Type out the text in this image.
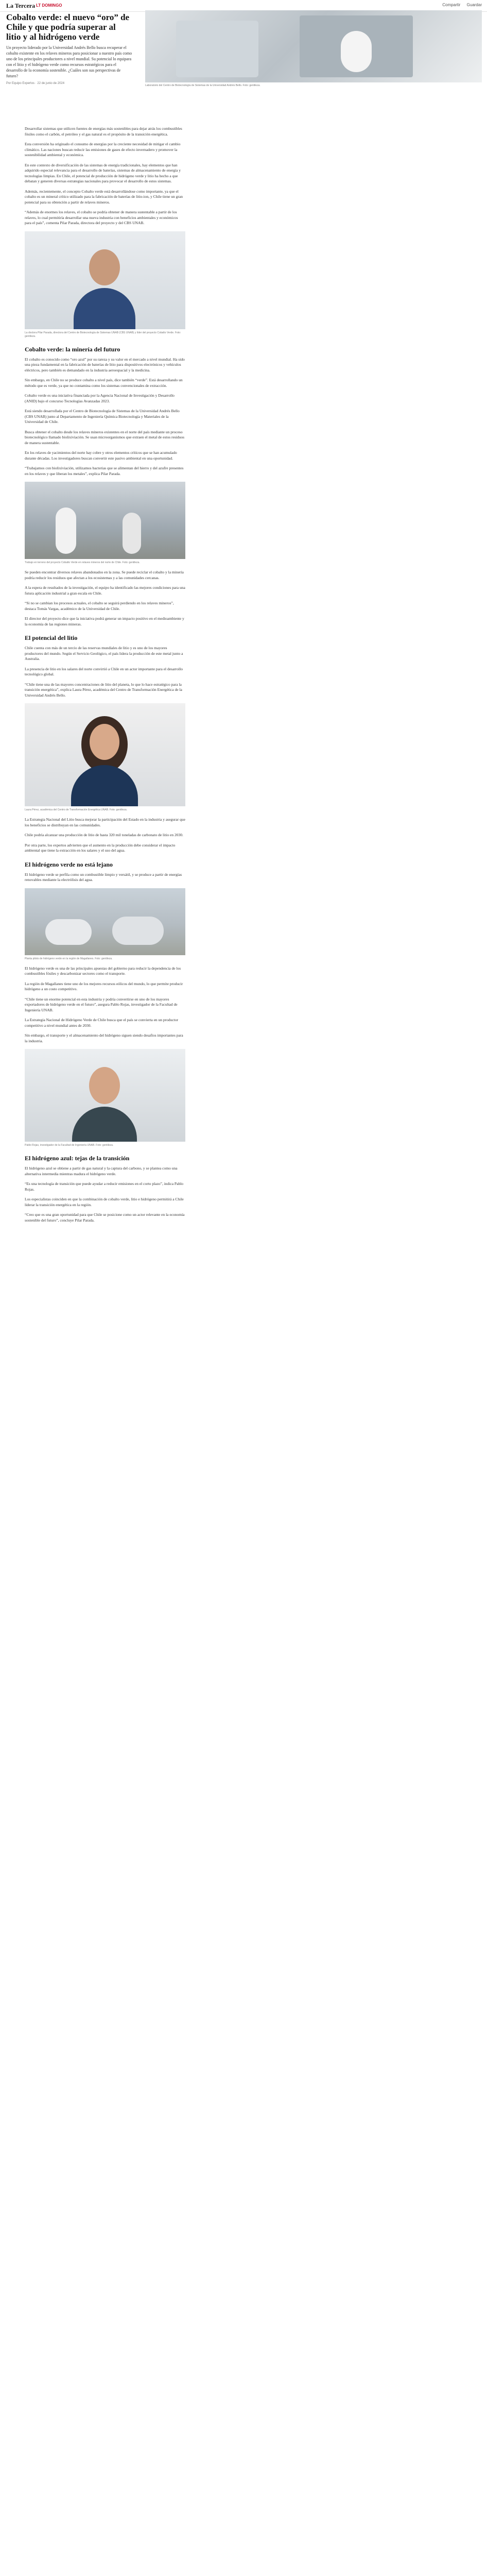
La Tercera LT DOMINGO	Compartir Guardar
Cobalto verde: el nuevo “oro” de Chile y que podría superar al litio y al hidrógeno verde
Un proyecto liderado por la Universidad Andrés Bello busca recuperar el cobalto existente en los relaves mineros para posicionar a nuestro país como uno de los principales productores a nivel mundial. Su potencial lo equipara con el litio y el hidrógeno verde como recursos estratégicos para el desarrollo de la economía sostenible. ¿Cuáles son sus perspectivas de futuro?
Por Equipo Expertos · 22 de junio de 2024
Laboratorio del Centro de Biotecnología de Sistemas de la Universidad Andrés Bello. Foto: gentileza.

Desarrollar sistemas que utilicen fuentes de energías más sostenibles para dejar atrás los combustibles fósiles como el carbón, el petróleo y el gas natural es el propósito de la transición energética.

Esta conversión ha originado el consumo de energías por la creciente necesidad de mitigar el cambio climático. Las naciones buscan reducir las emisiones de gases de efecto invernadero y promover la sostenibilidad ambiental y económica.

En este contexto de diversificación de las sistemas de energía tradicionales, hay elementos que han adquirido especial relevancia para el desarrollo de baterías, sistemas de almacenamiento de energía y tecnologías limpias. En Chile, el potencial de producción de hidrógeno verde y litio ha hecho a que debatan y generen diversas estrategias nacionales para provocar el desarrollo de estos sistemas.

Además, recientemente, el concepto Cobalto verde está desarrollándose como importante, ya que el cobalto es un mineral crítico utilizado para la fabricación de baterías de litio-ion, y Chile tiene un gran potencial para su obtención a partir de relaves mineros.

“Además de enormes los relaves, el cobalto se podría obtener de manera sustentable a partir de los relaves, lo cual permitiría desarrollar una nueva industria con beneficios ambientales y económicos para el país”, comenta Pilar Parada, directora del proyecto y del CBS UNAB.

La doctora Pilar Parada, directora del Centro de Biotecnología de Sistemas UNAB (CBS UNAB) y líder del proyecto Cobalto Verde. Foto: gentileza.
Cobalto verde: la minería del futuro

El cobalto es conocido como “oro azul” por su rareza y su valor en el mercado a nivel mundial. Ha sido una pieza fundamental en la fabricación de baterías de litio para dispositivos electrónicos y vehículos eléctricos, pero también es demandado en la industria aeroespacial y la medicina.

Sin embargo, en Chile no se produce cobalto a nivel país, dice también “verde”. Está desarrollando un método que es verde, ya que no contamina como los sistemas convencionales de extracción.

Cobalto verde es una iniciativa financiada por la Agencia Nacional de Investigación y Desarrollo (ANID) bajo el concurso Tecnologías Avanzadas 2023.

Está siendo desarrollada por el Centro de Biotecnología de Sistemas de la Universidad Andrés Bello (CBS UNAB) junto al Departamento de Ingeniería Química Biotecnología y Materiales de la Universidad de Chile.

Busca obtener el cobalto desde los relaves mineros existentes en el norte del país mediante un proceso biotecnológico llamado biolixiviación. Se usan microorganismos que extraen el metal de estos residuos de manera sustentable.

En los relaves de yacimientos del norte hay cobre y otros elementos críticos que se han acumulado durante décadas. Los investigadores buscan convertir este pasivo ambiental en una oportunidad.

“Trabajamos con biolixiviación, utilizamos bacterias que se alimentan del hierro y del azufre presentes en los relaves y que liberan los metales”, explica Pilar Parada.

Trabajo en terreno del proyecto Cobalto Verde en relaves mineros del norte de Chile. Foto: gentileza.

Se pueden encontrar diversos relaves abandonados en la zona. Se puede reciclar el cobalto y la minería podría reducir los residuos que afectan a los ecosistemas y a las comunidades cercanas.

A la espera de resultados de la investigación, el equipo ha identificado las mejores condiciones para una futura aplicación industrial a gran escala en Chile.

“Si no se cambian los procesos actuales, el cobalto se seguirá perdiendo en los relaves mineros”, destaca Tomás Vargas, académico de la Universidad de Chile.

El director del proyecto dice que la iniciativa podrá generar un impacto positivo en el medioambiente y la economía de las regiones mineras.

El potencial del litio

Chile cuenta con más de un tercio de las reservas mundiales de litio y es uno de los mayores productores del mundo. Según el Servicio Geológico, el país lidera la producción de este metal junto a Australia.

La presencia de litio en los salares del norte convirtió a Chile en un actor importante para el desarrollo tecnológico global.

“Chile tiene una de las mayores concentraciones de litio del planeta, lo que lo hace estratégico para la transición energética”, explica Laura Pérez, académica del Centro de Transformación Energética de la Universidad Andrés Bello.

Laura Pérez, académica del Centro de Transformación Energética UNAB. Foto: gentileza.

La Estrategia Nacional del Litio busca mejorar la participación del Estado en la industria y asegurar que los beneficios se distribuyan en las comunidades.

Chile podría alcanzar una producción de litio de hasta 320 mil toneladas de carbonato de litio en 2030.

Por otra parte, los expertos advierten que el aumento en la producción debe considerar el impacto ambiental que tiene la extracción en los salares y el uso del agua.

El hidrógeno verde no está lejano

El hidrógeno verde se perfila como un combustible limpio y versátil, y se produce a partir de energías renovables mediante la electrólisis del agua.

Planta piloto de hidrógeno verde en la región de Magallanes. Foto: gentileza.

El hidrógeno verde es una de las principales apuestas del gobierno para reducir la dependencia de los combustibles fósiles y descarbonizar sectores como el transporte.

La región de Magallanes tiene uno de los mejores recursos eólicos del mundo, lo que permite producir hidrógeno a un costo competitivo.

“Chile tiene un enorme potencial en esta industria y podría convertirse en uno de los mayores exportadores de hidrógeno verde en el futuro”, asegura Pablo Rojas, investigador de la Facultad de Ingeniería UNAB.

La Estrategia Nacional de Hidrógeno Verde de Chile busca que el país se convierta en un productor competitivo a nivel mundial antes de 2030.

Sin embargo, el transporte y el almacenamiento del hidrógeno siguen siendo desafíos importantes para la industria.

Pablo Rojas, investigador de la Facultad de Ingeniería UNAB. Foto: gentileza.
El hidrógeno azul: tejas de la transición

El hidrógeno azul se obtiene a partir de gas natural y la captura del carbono, y se plantea como una alternativa intermedia mientras madura el hidrógeno verde.

“Es una tecnología de transición que puede ayudar a reducir emisiones en el corto plazo”, indica Pablo Rojas.

Los especialistas coinciden en que la combinación de cobalto verde, litio e hidrógeno permitirá a Chile liderar la transición energética en la región.

“Creo que es una gran oportunidad para que Chile se posicione como un actor relevante en la economía sostenible del futuro”, concluye Pilar Parada.
